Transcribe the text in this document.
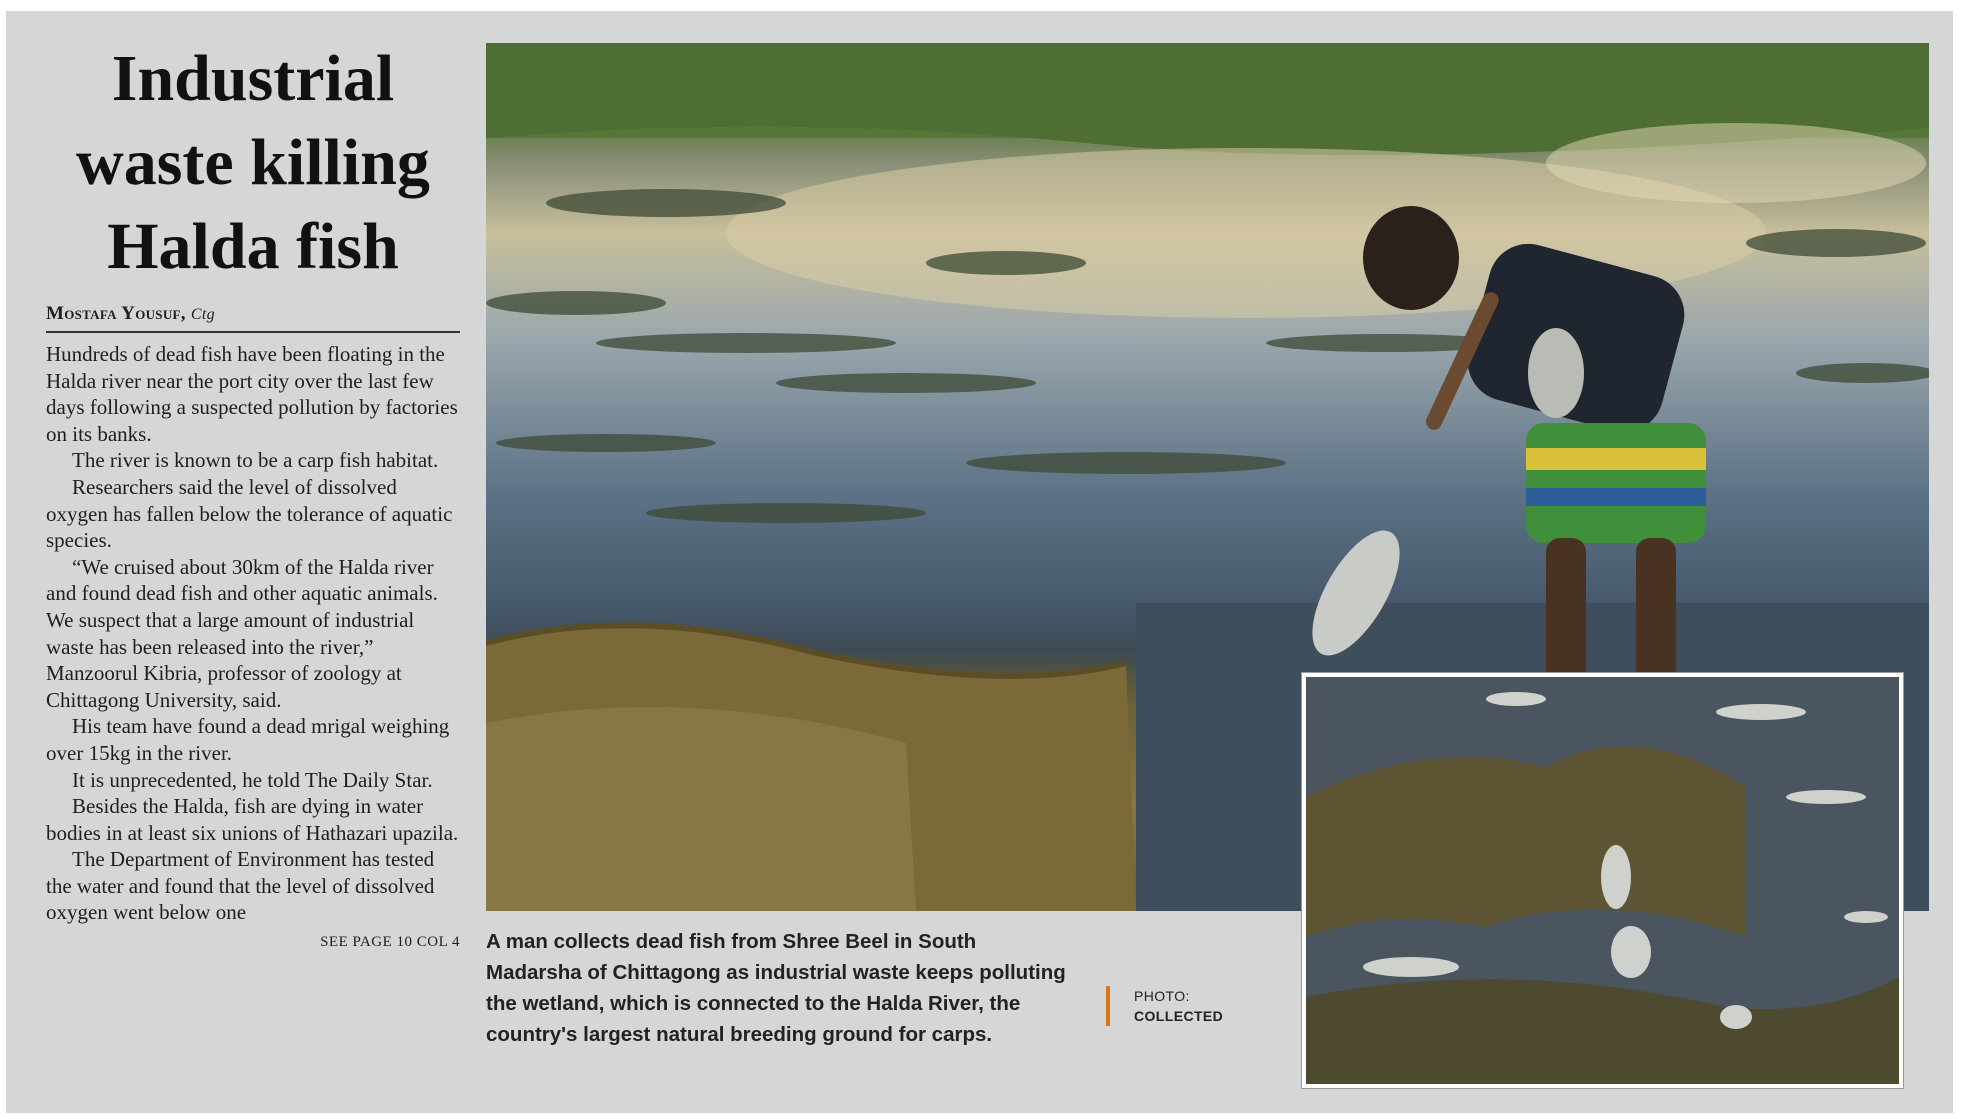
Industrial waste killing Halda fish
Mostafa Yousuf, Ctg

Hundreds of dead fish have been floating in the Halda river near the port city over the last few days following a suspected pollution by factories on its banks.

The river is known to be a carp fish habitat.

Researchers said the level of dissolved oxygen has fallen below the tolerance of aquatic species.

“We cruised about 30km of the Halda river and found dead fish and other aquatic animals. We suspect that a large amount of industrial waste has been released into the river,” Manzoorul Kibria, professor of zoology at Chittagong University, said.

His team have found a dead mrigal weighing over 15kg in the river.

It is unprecedented, he told The Daily Star.

Besides the Halda, fish are dying in water bodies in at least six unions of Hathazari upazila.

The Department of Environment has tested the water and found that the level of dissolved oxygen went below one

SEE PAGE 10 COL 4 A man collects dead fish from Shree Beel in South Madarsha of Chittagong as industrial waste keeps polluting the wetland, which is connected to the Halda River, the country's largest natural breeding ground for carps.
PHOTO:
COLLECTED
